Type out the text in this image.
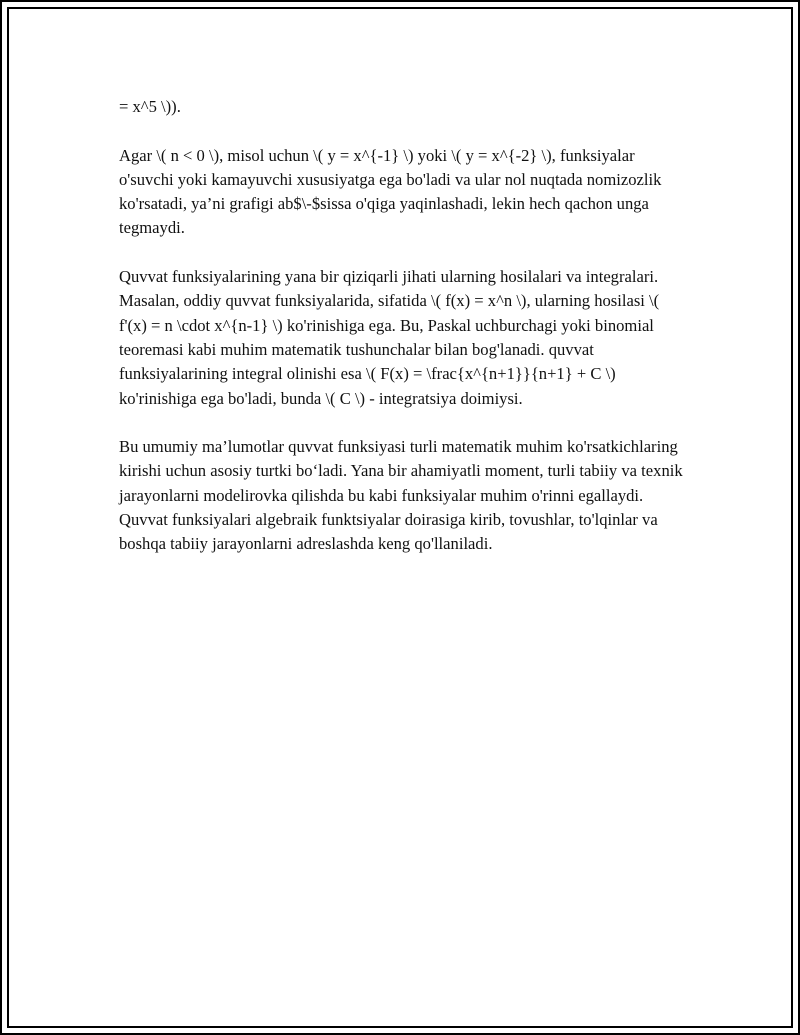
= x^5 \)).

Agar \( n < 0 \), misol uchun \( y = x^{-1} \) yoki \( y = x^{-2} \), funksiyalar o'suvchi yoki kamayuvchi xususiyatga ega bo'ladi va ular nol nuqtada nomizozlik ko'rsatadi, ya’ni grafigi ab$\-$sissa o'qiga yaqinlashadi, lekin hech qachon unga tegmaydi.

Quvvat funksiyalarining yana bir qiziqarli jihati ularning hosilalari va integralari. Masalan, oddiy quvvat funksiyalarida, sifatida \( f(x) = x^n \), ularning hosilasi \( f'(x) = n \cdot x^{n-1} \) ko'rinishiga ega. Bu, Paskal uchburchagi yoki binomial teoremasi kabi muhim matematik tushunchalar bilan bog'lanadi. quvvat funksiyalarining integral olinishi esa \( F(x) = \frac{x^{n+1}}{n+1} + C \) ko'rinishiga ega bo'ladi, bunda \( C \) - integratsiya doimiysi.

Bu umumiy ma’lumotlar quvvat funksiyasi turli matematik muhim ko'rsatkichlaring kirishi uchun asosiy turtki bo‘ladi. Yana bir ahamiyatli moment, turli tabiiy va texnik jarayonlarni modelirovka qilishda bu kabi funksiyalar muhim o'rinni egallaydi. Quvvat funksiyalari algebraik funktsiyalar doirasiga kirib, tovushlar, to'lqinlar va boshqa tabiiy jarayonlarni adreslashda keng qo'llaniladi.
